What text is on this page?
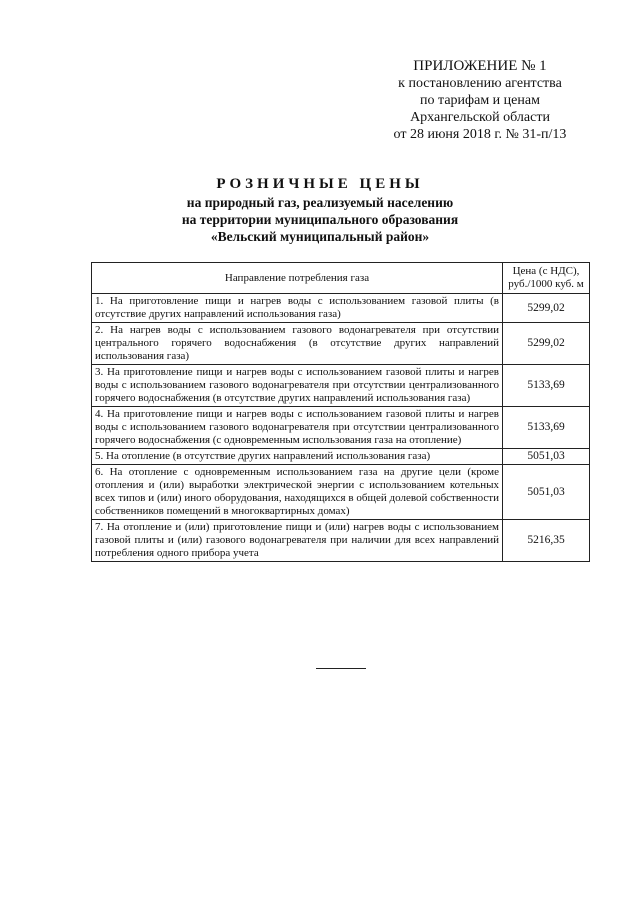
ПРИЛОЖЕНИЕ № 1
к постановлению агентства
по тарифам и ценам
Архангельской области
от 28 июня 2018 г. № 31-п/13
РОЗНИЧНЫЕ ЦЕНЫ
на природный газ, реализуемый населению
на территории муниципального образования
«Вельский муниципальный район»
Направление потребления газа	Цена (с НДС), руб./1000 куб. м
1. На приготовление пищи и нагрев воды с использованием газовой плиты (в отсутствие других направлений использования газа)	5299,02
2. На нагрев воды с использованием газового водонагревателя при отсутствии центрального горячего водоснабжения (в отсутствие других направлений использования газа)	5299,02
3. На приготовление пищи и нагрев воды с использованием газовой плиты и нагрев воды с использованием газового водонагревателя при отсутствии централизованного горячего водоснабжения (в отсутствие других направлений использования газа)	5133,69
4. На приготовление пищи и нагрев воды с использованием газовой плиты и нагрев воды с использованием газового водонагревателя при отсутствии централизованного горячего водоснабжения (с одновременным использования газа на отопление)	5133,69
5. На отопление (в отсутствие других направлений использования газа)	5051,03
6. На отопление с одновременным использованием газа на другие цели (кроме отопления и (или) выработки электрической энергии с использованием котельных всех типов и (или) иного оборудования, находящихся в общей долевой собственности собственников помещений в многоквартирных домах)	5051,03
7. На отопление и (или) приготовление пищи и (или) нагрев воды с использованием газовой плиты и (или) газового водонагревателя при наличии для всех направлений потребления одного прибора учета	5216,35
